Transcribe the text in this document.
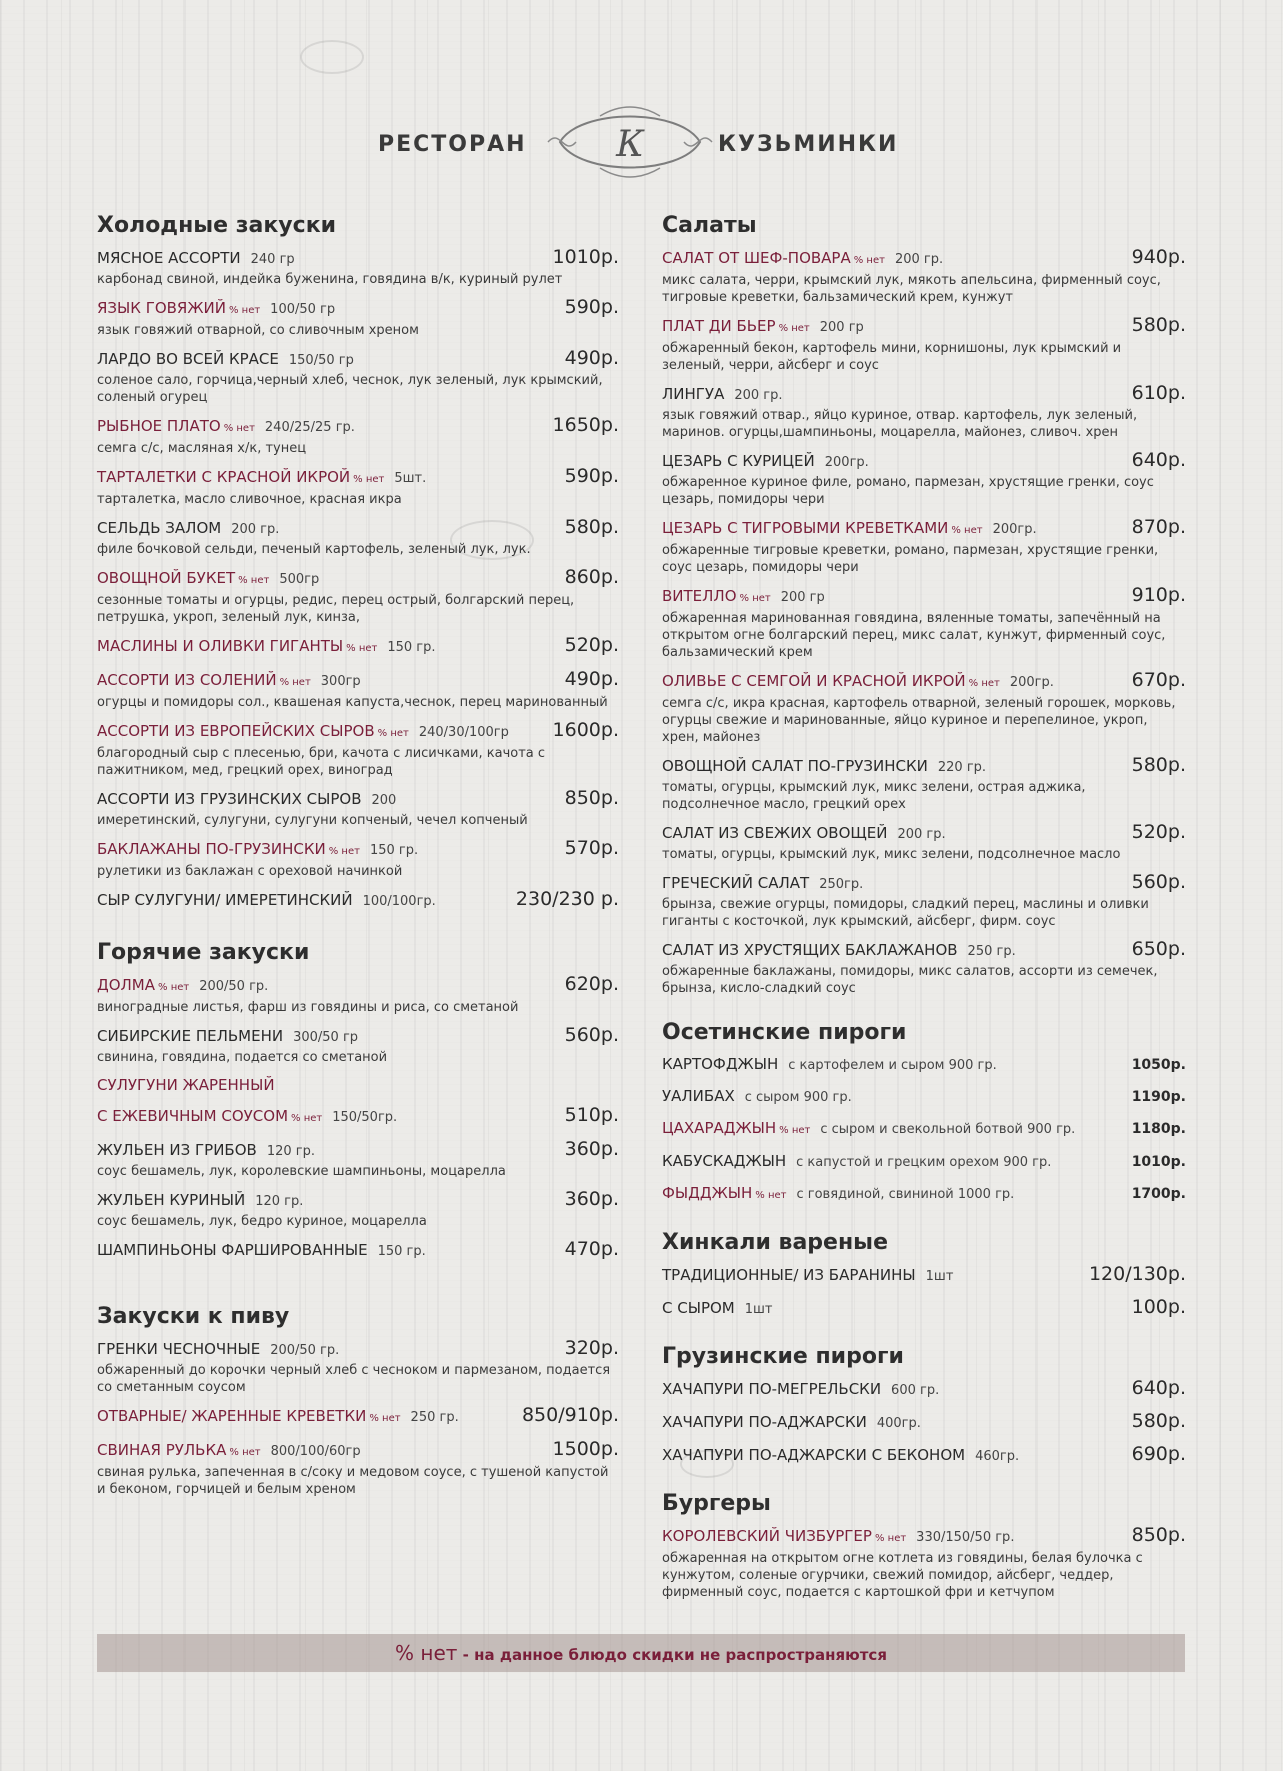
РЕСТОРАН К	КУЗЬМИНКИ
Холодные закуски
МЯСНОЕ АССОРТИ 240 гр	1010р.
карбонад свиной, индейка буженина, говядина в/к, куриный рулет
ЯЗЫК ГОВЯЖИЙ % нет 100/50 гр	590р.
язык говяжий отварной, со сливочным хреном
ЛАРДО ВО ВСЕЙ КРАСЕ 150/50 гр	490р.
соленое сало, горчица,черный хлеб, чеснок, лук зеленый, лук крымский, соленый огурец
РЫБНОЕ ПЛАТО % нет 240/25/25 гр.	1650р.
семга с/с, масляная х/к, тунец
ТАРТАЛЕТКИ С КРАСНОЙ ИКРОЙ % нет 5шт.	590р.
тарталетка, масло сливочное, красная икра
СЕЛЬДЬ ЗАЛОМ 200 гр.	580р.
филе бочковой сельди, печеный картофель, зеленый лук, лук.
ОВОЩНОЙ БУКЕТ % нет 500гр	860р.
сезонные томаты и огурцы, редис, перец острый, болгарский перец, петрушка, укроп, зеленый лук, кинза,
МАСЛИНЫ И ОЛИВКИ ГИГАНТЫ % нет 150 гр.	520р.
АССОРТИ ИЗ СОЛЕНИЙ % нет 300гр	490р.
огурцы и помидоры сол., квашеная капуста,чеснок, перец маринованный
АССОРТИ ИЗ ЕВРОПЕЙСКИХ СЫРОВ % нет 240/30/100гр 1600р.
благородный сыр с плесенью, бри, качота с лисичками, качота с пажитником, мед, грецкий орех, виноград
АССОРТИ ИЗ ГРУЗИНСКИХ СЫРОВ 200	850р.
имеретинский, сулугуни, сулугуни копченый, чечел копченый
БАКЛАЖАНЫ ПО-ГРУЗИНСКИ % нет 150 гр.	570р.
рулетики из баклажан с ореховой начинкой
СЫР СУЛУГУНИ/ ИМЕРЕТИНСКИЙ 100/100гр.	230/230 р.
Горячие закуски
ДОЛМА % нет 200/50 гр.	620р.
виноградные листья, фарш из говядины и риса, со сметаной
СИБИРСКИЕ ПЕЛЬМЕНИ 300/50 гр	560р.
свинина, говядина, подается со сметаной
СУЛУГУНИ ЖАРЕННЫЙ
С ЕЖЕВИЧНЫМ СОУСОМ % нет 150/50гр.	510р.
ЖУЛЬЕН ИЗ ГРИБОВ 120 гр.	360р.
соус бешамель, лук, королевские шампиньоны, моцарелла
ЖУЛЬЕН КУРИНЫЙ 120 гр.	360р.
соус бешамель, лук, бедро куриное, моцарелла
ШАМПИНЬОНЫ ФАРШИРОВАННЫЕ 150 гр.	470р.
Закуски к пиву
ГРЕНКИ ЧЕСНОЧНЫЕ 200/50 гр.	320р.
обжаренный до корочки черный хлеб с чесноком и пармезаном, подается со сметанным соусом
ОТВАРНЫЕ/ ЖАРЕННЫЕ КРЕВЕТКИ % нет 250 гр.	850/910р.
СВИНАЯ РУЛЬКА % нет 800/100/60гр	1500р.
свиная рулька, запеченная в с/соку и медовом соусе, с тушеной капустой и беконом, горчицей и белым хреном
Салаты
САЛАТ ОТ ШЕФ-ПОВАРА % нет 200 гр.	940р.
микс салата, черри, крымский лук, мякоть апельсина, фирменный соус, тигровые креветки, бальзамический крем, кунжут
ПЛАТ ДИ БЬЕР % нет 200 гр	580р.
обжаренный бекон, картофель мини, корнишоны, лук крымский и зеленый, черри, айсберг и соус
ЛИНГУА 200 гр.	610р.
язык говяжий отвар., яйцо куриное, отвар. картофель, лук зеленый, маринов. огурцы,шампиньоны, моцарелла, майонез, сливоч. хрен
ЦЕЗАРЬ С КУРИЦЕЙ 200гр.	640р.
обжаренное куриное филе, романо, пармезан, хрустящие гренки, соус цезарь, помидоры чери
ЦЕЗАРЬ С ТИГРОВЫМИ КРЕВЕТКАМИ % нет 200гр.	870р.
обжаренные тигровые креветки, романо, пармезан, хрустящие гренки, соус цезарь, помидоры чери
ВИТЕЛЛО % нет 200 гр	910р.
обжаренная маринованная говядина, вяленные томаты, запечённый на открытом огне болгарский перец, микс салат, кунжут, фирменный соус, бальзамический крем
ОЛИВЬЕ С СЕМГОЙ И КРАСНОЙ ИКРОЙ % нет 200гр.	670р.
семга с/с, икра красная, картофель отварной, зеленый горошек, морковь, огурцы свежие и маринованные, яйцо куриное и перепелиное, укроп, хрен, майонез
ОВОЩНОЙ САЛАТ ПО-ГРУЗИНСКИ 220 гр.	580р.
томаты, огурцы, крымский лук, микс зелени, острая аджика, подсолнечное масло, грецкий орех
САЛАТ ИЗ СВЕЖИХ ОВОЩЕЙ 200 гр.	520р.
томаты, огурцы, крымский лук, микс зелени, подсолнечное масло
ГРЕЧЕСКИЙ САЛАТ 250гр.	560р.
брынза, свежие огурцы, помидоры, сладкий перец, маслины и оливки гиганты с косточкой, лук крымский, айсберг, фирм. соус
САЛАТ ИЗ ХРУСТЯЩИХ БАКЛАЖАНОВ 250 гр.	650р.
обжаренные баклажаны, помидоры, микс салатов, ассорти из семечек, брынза, кисло-сладкий соус
Осетинские пироги
КАРТОФДЖЫН с картофелем и сыром 900 гр.	1050р.
УАЛИБАХ с сыром 900 гр.	1190р.
ЦАХАРАДЖЫН % нет с сыром и свекольной ботвой 900 гр.	1180р.
КАБУСКАДЖЫН с капустой и грецким орехом 900 гр.	1010р.
ФЫДДЖЫН % нет с говядиной, свининой 1000 гр.	1700р.
Хинкали вареные
ТРАДИЦИОННЫЕ/ ИЗ БАРАНИНЫ 1шт	120/130р.
С СЫРОМ 1шт	100р.
Грузинские пироги
ХАЧАПУРИ ПО-МЕГРЕЛЬСКИ 600 гр.	640р.
ХАЧАПУРИ ПО-АДЖАРСКИ 400гр.	580р.
ХАЧАПУРИ ПО-АДЖАРСКИ С БЕКОНОМ 460гр.	690р.
Бургеры
КОРОЛЕВСКИЙ ЧИЗБУРГЕР % нет 330/150/50 гр.	850р.
обжаренная на открытом огне котлета из говядины, белая булочка с кунжутом, соленые огурчики, свежий помидор, айсберг, чеддер, фирменный соус, подается с картошкой фри и кетчупом
% нет - на данное блюдо скидки не распространяются
